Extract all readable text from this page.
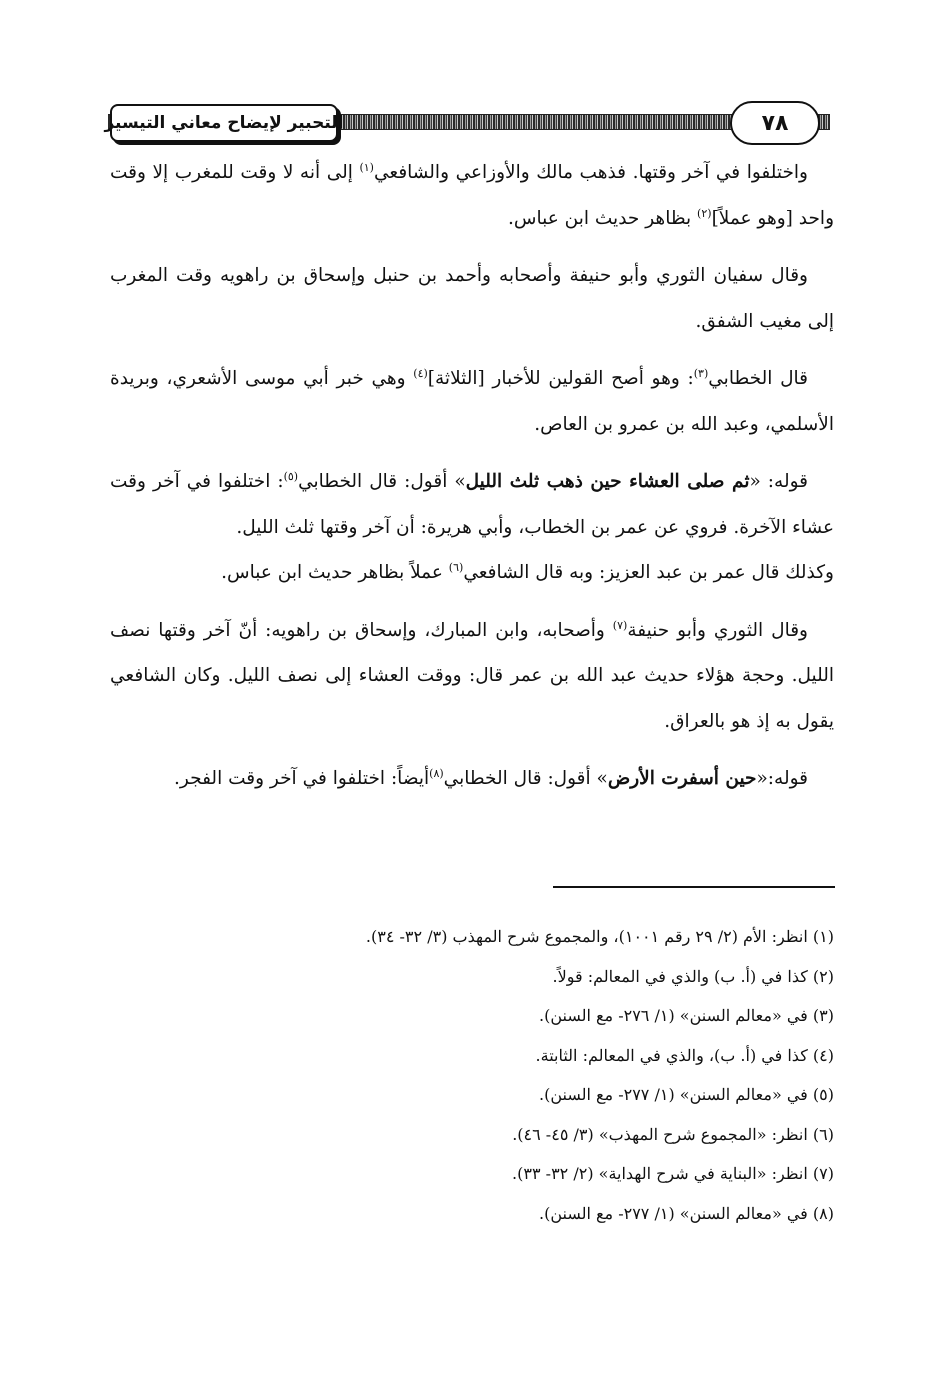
التحبير لإيضاح معاني التيسير	٧٨

واختلفوا في آخر وقتها. فذهب مالك والأوزاعي والشافعي$^{(١)}$ إلى أنه لا وقت للمغرب إلا وقت واحد [وهو عملاً]$^{(٢)}$ بظاهر حديث ابن عباس.

وقال سفيان الثوري وأبو حنيفة وأصحابه وأحمد بن حنبل وإسحاق بن راهويه وقت المغرب إلى مغيب الشفق.

قال الخطابي$^{(٣)}$: وهو أصح القولين للأخبار [الثلاثة]$^{(٤)}$ وهي خبر أبي موسى الأشعري، وبريدة الأسلمي، وعبد الله بن عمرو بن العاص.

قوله: «ثم صلى العشاء حين ذهب ثلث الليل» أقول: قال الخطابي$^{(٥)}$: اختلفوا في آخر وقت عشاء الآخرة. فروي عن عمر بن الخطاب، وأبي هريرة: أن آخر وقتها ثلث الليل.

وكذلك قال عمر بن عبد العزيز: وبه قال الشافعي$^{(٦)}$ عملاً بظاهر حديث ابن عباس.

وقال الثوري وأبو حنيفة$^{(٧)}$ وأصحابه، وابن المبارك، وإسحاق بن راهويه: أنّ آخر وقتها نصف الليل. وحجة هؤلاء حديث عبد الله بن عمر قال: ووقت العشاء إلى نصف الليل. وكان الشافعي يقول به إذ هو بالعراق.

قوله:«حين أسفرت الأرض» أقول: قال الخطابي$^{(٨)}$أيضاً: اختلفوا في آخر وقت الفجر.

(١) انظر: الأم (٢/ ٢٩ رقم ١٠٠١)، والمجموع شرح المهذب (٣/ ٣٢- ٣٤).
(٢) كذا في (أ. ب) والذي في المعالم: قولاً.
(٣) في «معالم السنن» (١/ ٢٧٦- مع السنن).
(٤) كذا في (أ. ب)، والذي في المعالم: الثابتة.
(٥) في «معالم السنن» (١/ ٢٧٧- مع السنن).
(٦) انظر: «المجموع شرح المهذب» (٣/ ٤٥- ٤٦).
(٧) انظر: «البناية في شرح الهداية» (٢/ ٣٢- ٣٣).
(٨) في «معالم السنن» (١/ ٢٧٧- مع السنن).
